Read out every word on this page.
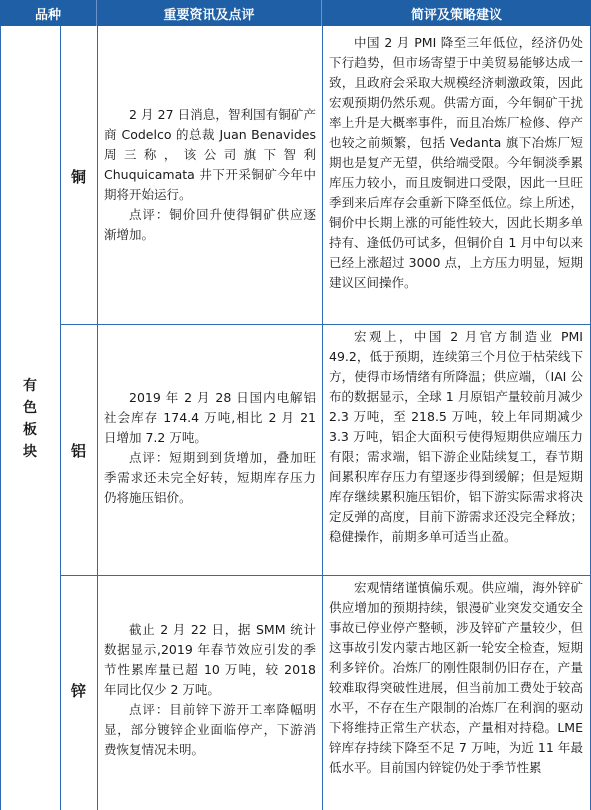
品种	重要资讯及点评	简评及策略建议
有
色
板
块
铜

2 月 27 日消息，智利国有铜矿产商 Codelco 的总裁 Juan Benavides 周三称，该公司旗下智利 Chuquicamata 井下开采铜矿今年中期将开始运行。

点评：铜价回升使得铜矿供应逐渐增加。

中国 2 月 PMI 降至三年低位，经济仍处下行趋势，但市场寄望于中美贸易能够达成一致，且政府会采取大规模经济刺激政策，因此宏观预期仍然乐观。供需方面，今年铜矿干扰率上升是大概率事件，而且冶炼厂检修、停产也较之前频繁，包括 Vedanta 旗下冶炼厂短期也是复产无望，供给端受限。今年铜淡季累库压力较小，而且废铜进口受限，因此一旦旺季到来后库存会重新下降至低位。综上所述，铜价中长期上涨的可能性较大，因此长期多单持有、逢低仍可试多，但铜价自 1 月中旬以来已经上涨超过 3000 点，上方压力明显，短期建议区间操作。

铝

2019 年 2 月 28 日国内电解铝社会库存 174.4 万吨,相比 2 月 21 日增加 7.2 万吨。

点评：短期到到货增加，叠加旺季需求还未完全好转，短期库存压力仍将施压铝价。

宏观上，中国 2 月官方制造业 PMI 49.2，低于预期，连续第三个月位于枯荣线下方，使得市场情绪有所降温；供应端，（IAI 公布的数据显示，全球 1 月原铝产量较前月减少 2.3 万吨，至 218.5 万吨，较上年同期减少 3.3 万吨，铝企大面积亏使得短期供应端压力有限；需求端，铝下游企业陆续复工，春节期间累积库存压力有望逐步得到缓解；但是短期库存继续累积施压铝价，铝下游实际需求将决定反弹的高度，目前下游需求还没完全释放；稳健操作，前期多单可适当止盈。

锌

截止 2 月 22 日，据 SMM 统计数据显示,2019 年春节效应引发的季节性累库量已超 10 万吨，较 2018 年同比仅少 2 万吨。

点评：目前锌下游开工率降幅明显，部分镀锌企业面临停产，下游消费恢复情况未明。

宏观情绪谨慎偏乐观。供应端，海外锌矿供应增加的预期持续，银漫矿业突发交通安全事故已停业停产整顿，涉及锌矿产量较少，但这事故引发内蒙古地区新一轮安全检查，短期利多锌价。冶炼厂的刚性限制仍旧存在，产量较难取得突破性进展，但当前加工费处于较高水平，不存在生产限制的冶炼厂在利润的驱动下将维持正常生产状态，产量相对持稳。LME 锌库存持续下降至不足 7 万吨，为近 11 年最低水平。目前国内锌锭仍处于季节性累
